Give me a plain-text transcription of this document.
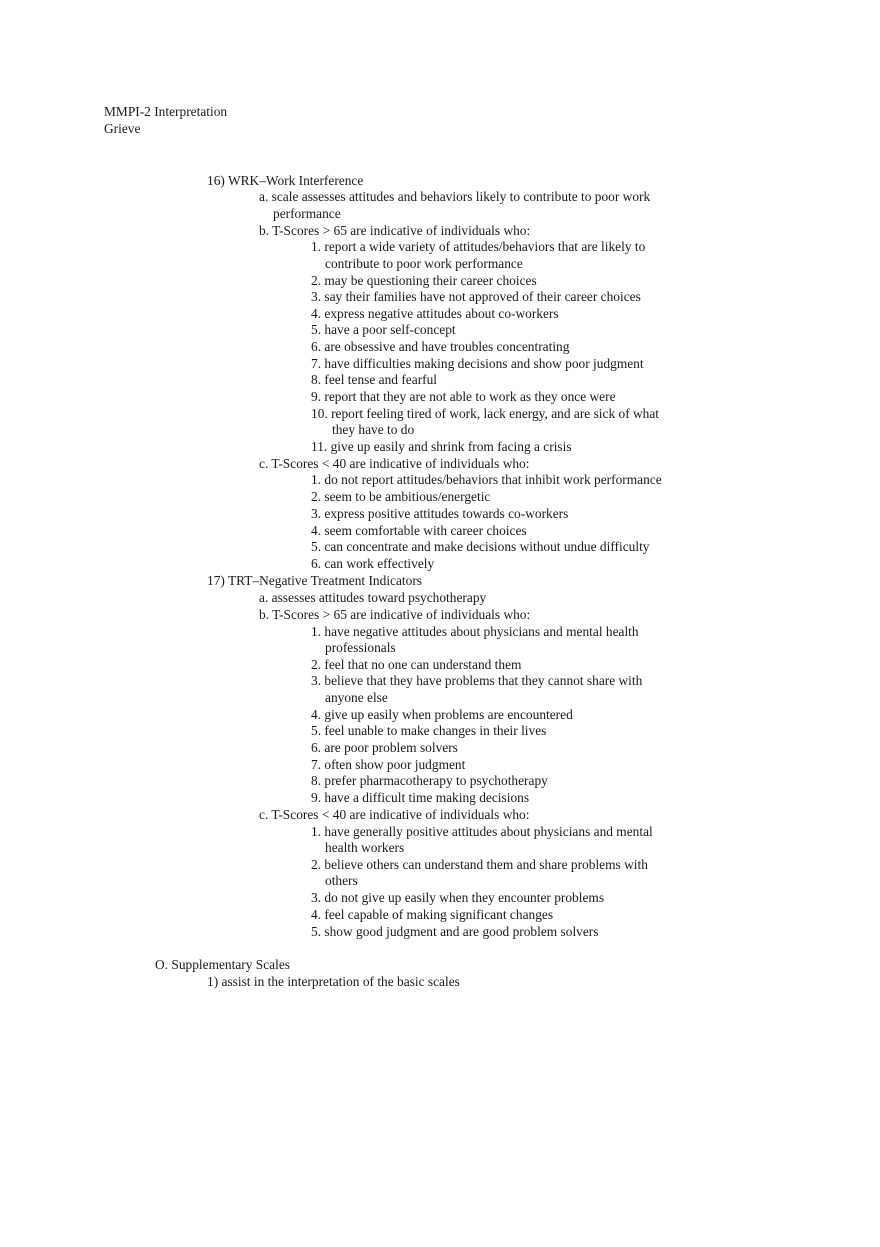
MMPI-2 Interpretation
Grieve
16) WRK–Work Interference
a. scale assesses attitudes and behaviors likely to contribute to poor work
performance
b. T-Scores > 65 are indicative of individuals who:
1. report a wide variety of attitudes/behaviors that are likely to
contribute to poor work performance
2. may be questioning their career choices
3. say their families have not approved of their career choices
4. express negative attitudes about co-workers
5. have a poor self-concept
6. are obsessive and have troubles concentrating
7. have difficulties making decisions and show poor judgment
8. feel tense and fearful
9. report that they are not able to work as they once were
10. report feeling tired of work, lack energy, and are sick of what
they have to do
11. give up easily and shrink from facing a crisis
c. T-Scores < 40 are indicative of individuals who:
1. do not report attitudes/behaviors that inhibit work performance
2. seem to be ambitious/energetic
3. express positive attitudes towards co-workers
4. seem comfortable with career choices
5. can concentrate and make decisions without undue difficulty
6. can work effectively
17) TRT–Negative Treatment Indicators
a. assesses attitudes toward psychotherapy
b. T-Scores > 65 are indicative of individuals who:
1. have negative attitudes about physicians and mental health
professionals
2. feel that no one can understand them
3. believe that they have problems that they cannot share with
anyone else
4. give up easily when problems are encountered
5. feel unable to make changes in their lives
6. are poor problem solvers
7. often show poor judgment
8. prefer pharmacotherapy to psychotherapy
9. have a difficult time making decisions
c. T-Scores < 40 are indicative of individuals who:
1. have generally positive attitudes about physicians and mental
health workers
2. believe others can understand them and share problems with
others
3. do not give up easily when they encounter problems
4. feel capable of making significant changes
5. show good judgment and are good problem solvers
O. Supplementary Scales
1) assist in the interpretation of the basic scales
